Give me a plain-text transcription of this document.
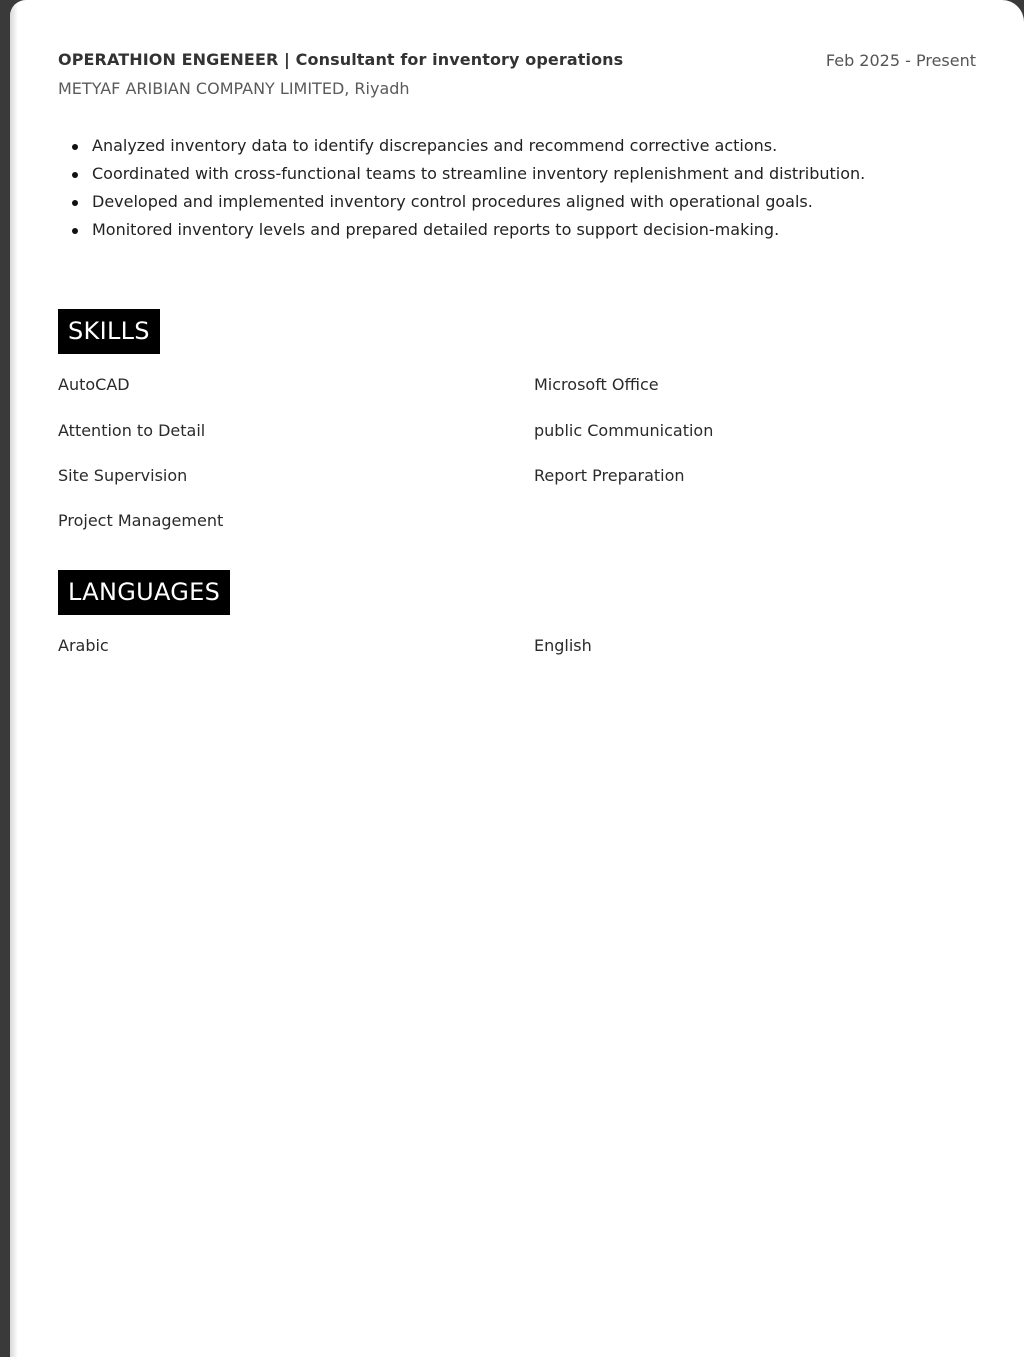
OPERATHION ENGENEER | Consultant for inventory operations	Feb 2025 - Present
METYAF ARIBIAN COMPANY LIMITED, Riyadh
Analyzed inventory data to identify discrepancies and recommend corrective actions.
Coordinated with cross-functional teams to streamline inventory replenishment and distribution.
Developed and implemented inventory control procedures aligned with operational goals.
Monitored inventory levels and prepared detailed reports to support decision-making.
SKILLS
AutoCAD	Microsoft Office
Attention to Detail	public Communication
Site Supervision	Report Preparation
Project Management
LANGUAGES
Arabic	English
